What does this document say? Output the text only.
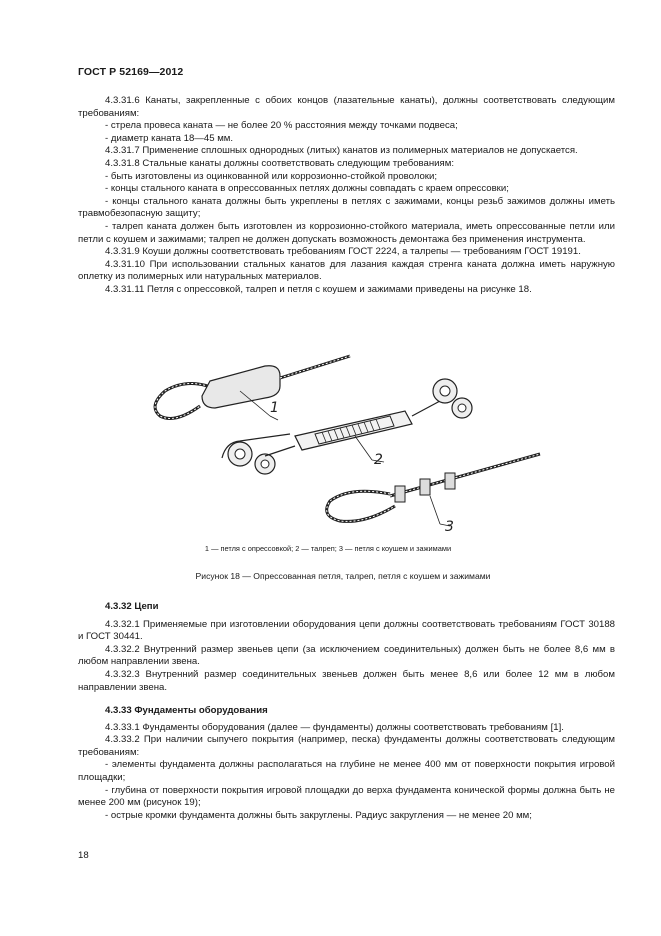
ГОСТ Р 52169—2012

4.3.31.6 Канаты, закрепленные с обоих концов (лазательные канаты), должны соответствовать следующим требованиям:

- стрела провеса каната — не более 20 % расстояния между точками подвеса;

- диаметр каната 18—45 мм.

4.3.31.7 Применение сплошных однородных (литых) канатов из полимерных материалов не допускается.

4.3.31.8 Стальные канаты должны соответствовать следующим требованиям:

- быть изготовлены из оцинкованной или коррозионно-стойкой проволоки;

- концы стального каната в опрессованных петлях должны совпадать с краем опрессовки;

- концы стального каната должны быть укреплены в петлях с зажимами, концы резьб зажимов должны иметь травмобезопасную защиту;

- талреп каната должен быть изготовлен из коррозионно-стойкого материала, иметь опрессованные петли или петли с коушем и зажимами; талреп не должен допускать возможность демонтажа без применения инструмента.

4.3.31.9 Коуши должны соответствовать требованиям ГОСТ 2224, а талрепы — требованиям ГОСТ 19191.

4.3.31.10 При использовании стальных канатов для лазания каждая стренга каната должна иметь наружную оплетку из полимерных или натуральных материалов.

4.3.31.11 Петля с опрессовкой, талреп и петля с коушем и зажимами приведены на рисунке 18.

1
2
3
1 — петля с опрессовкой; 2 — талреп; 3 — петля с коушем и зажимами
Рисунок 18 — Опрессованная петля, талреп, петля с коушем и зажимами

4.3.32 Цепи

4.3.32.1 Применяемые при изготовлении оборудования цепи должны соответствовать требованиям ГОСТ 30188 и ГОСТ 30441.

4.3.32.2 Внутренний размер звеньев цепи (за исключением соединительных) должен быть не более 8,6 мм в любом направлении звена.

4.3.32.3 Внутренний размер соединительных звеньев должен быть менее 8,6 или более 12 мм в любом направлении звена.

4.3.33 Фундаменты оборудования

4.3.33.1 Фундаменты оборудования (далее — фундаменты) должны соответствовать требованиям [1].

4.3.33.2 При наличии сыпучего покрытия (например, песка) фундаменты должны соответствовать следующим требованиям:

- элементы фундамента должны располагаться на глубине не менее 400 мм от поверхности покрытия игровой площадки;

- глубина от поверхности покрытия игровой площадки до верха фундамента конической формы должна быть не менее 200 мм (рисунок 19);

- острые кромки фундамента должны быть закруглены. Радиус закругления — не менее 20 мм;

18
